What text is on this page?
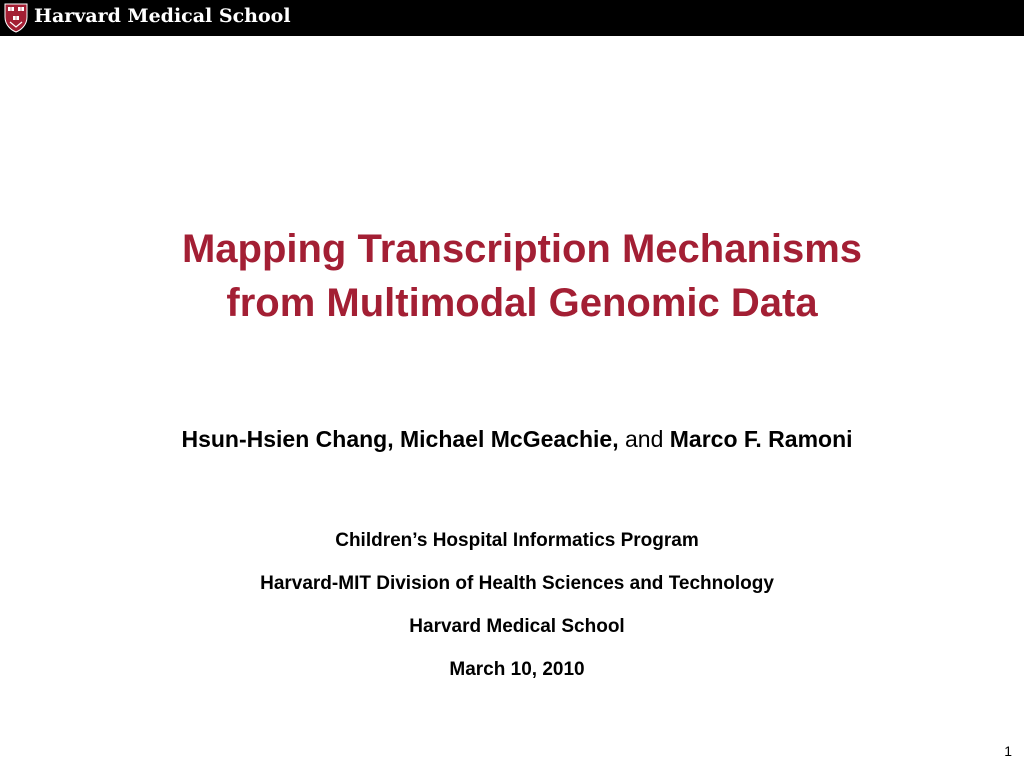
Harvard Medical School
Mapping Transcription Mechanisms
from Multimodal Genomic Data
Hsun-Hsien Chang, Michael McGeachie, and Marco F. Ramoni
Children’s Hospital Informatics Program
Harvard-MIT Division of Health Sciences and Technology
Harvard Medical School
March 10, 2010
1
